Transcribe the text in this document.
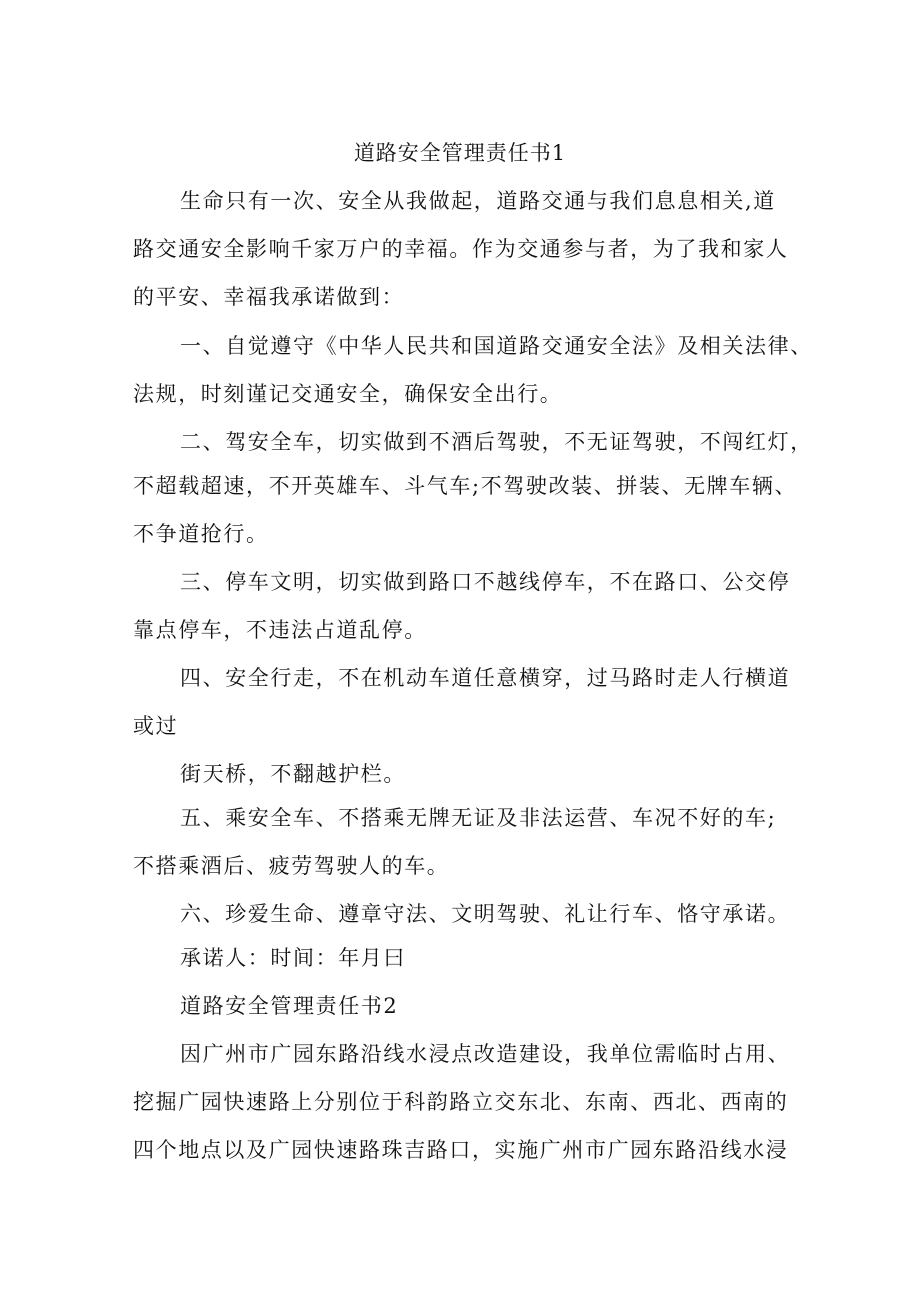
道路安全管理责任书1
生命只有一次、安全从我做起，道路交通与我们息息相关,道
路交通安全影响千家万户的幸福。作为交通参与者，为了我和家人
的平安、幸福我承诺做到：
一、自觉遵守《中华人民共和国道路交通安全法》及相关法律、
法规，时刻谨记交通安全，确保安全出行。
二、驾安全车，切实做到不酒后驾驶，不无证驾驶，不闯红灯，
不超载超速，不开英雄车、斗气车;不驾驶改装、拼装、无牌车辆、
不争道抢行。
三、停车文明，切实做到路口不越线停车，不在路口、公交停
靠点停车，不违法占道乱停。
四、安全行走，不在机动车道任意横穿，过马路时走人行横道
或过
街天桥，不翻越护栏。
五、乘安全车、不搭乘无牌无证及非法运营、车况不好的车;
不搭乘酒后、疲劳驾驶人的车。
六、珍爱生命、遵章守法、文明驾驶、礼让行车、恪守承诺。
承诺人：时间：年月曰
道路安全管理责任书2
因广州市广园东路沿线水浸点改造建设，我单位需临时占用、
挖掘广园快速路上分别位于科韵路立交东北、东南、西北、西南的
四个地点以及广园快速路珠吉路口，实施广州市广园东路沿线水浸
